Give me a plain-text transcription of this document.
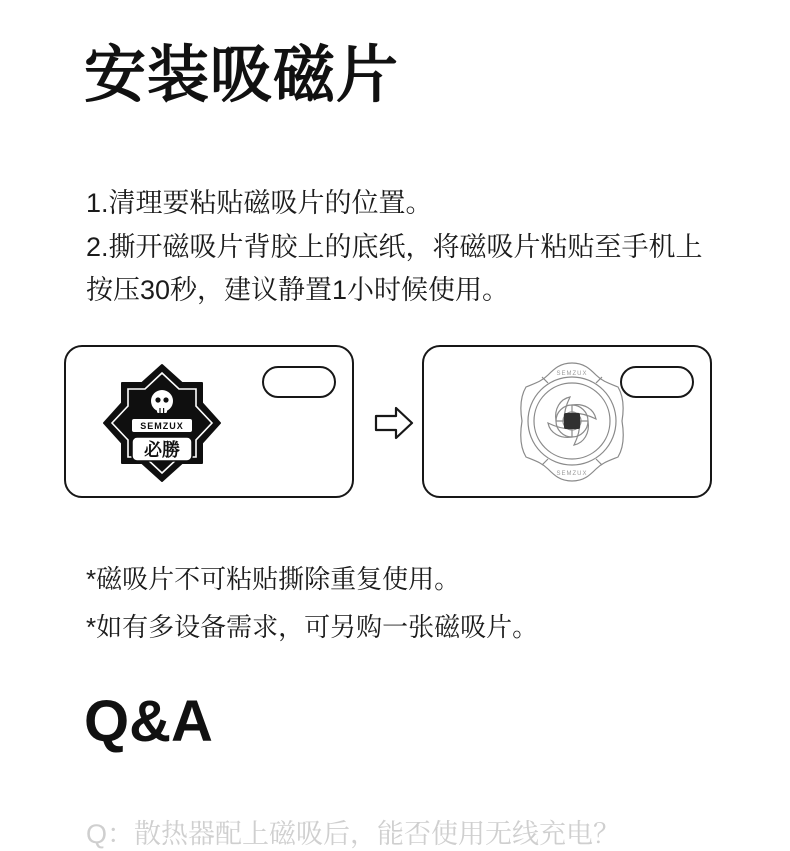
安装吸磁片
1.清理要粘贴磁吸片的位置。
2.撕开磁吸片背胶上的底纸，将磁吸片粘贴至手机上按压30秒，建议静置1小时候使用。
SEMZUX
必勝
SEMZUX
SEMZUX
*磁吸片不可粘贴撕除重复使用。
*如有多设备需求，可另购一张磁吸片。
Q&A
Q：散热器配上磁吸后，能否使用无线充电？
